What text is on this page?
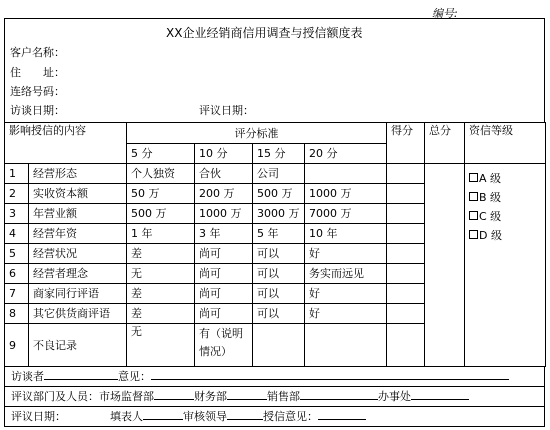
编号:
XX企业经销商信用调查与授信额度表
客户名称：
住　　址：
连络号码：
访谈日期：	评议日期：
影响授信的内容		评分标准				得分	总分	资信等级
		5 分	10 分	15 分	20 分			
1	经营形态	个人独资	合伙	公司				A 级
B 级
C 级
D 级

2	实收资本额	50 万	200 万	500 万	1000 万			
3	年营业额	500 万	1000 万	3000 万	7000 万			
4	经营年资	1 年	3 年	5 年	10 年			
5	经营状况	差	尚可	可以	好			
6	经营者理念	无	尚可	可以	务实而远见			
7	商家同行评语	差	尚可	可以	好			
8	其它供货商评语	差	尚可	可以	好			
9	不良记录	无	有（说明情况）					
访谈者	意见：
评议部门及人员：市场监督部	财务部	销售部	办事处
评议日期：	填表人	审核领导	授信意见：
